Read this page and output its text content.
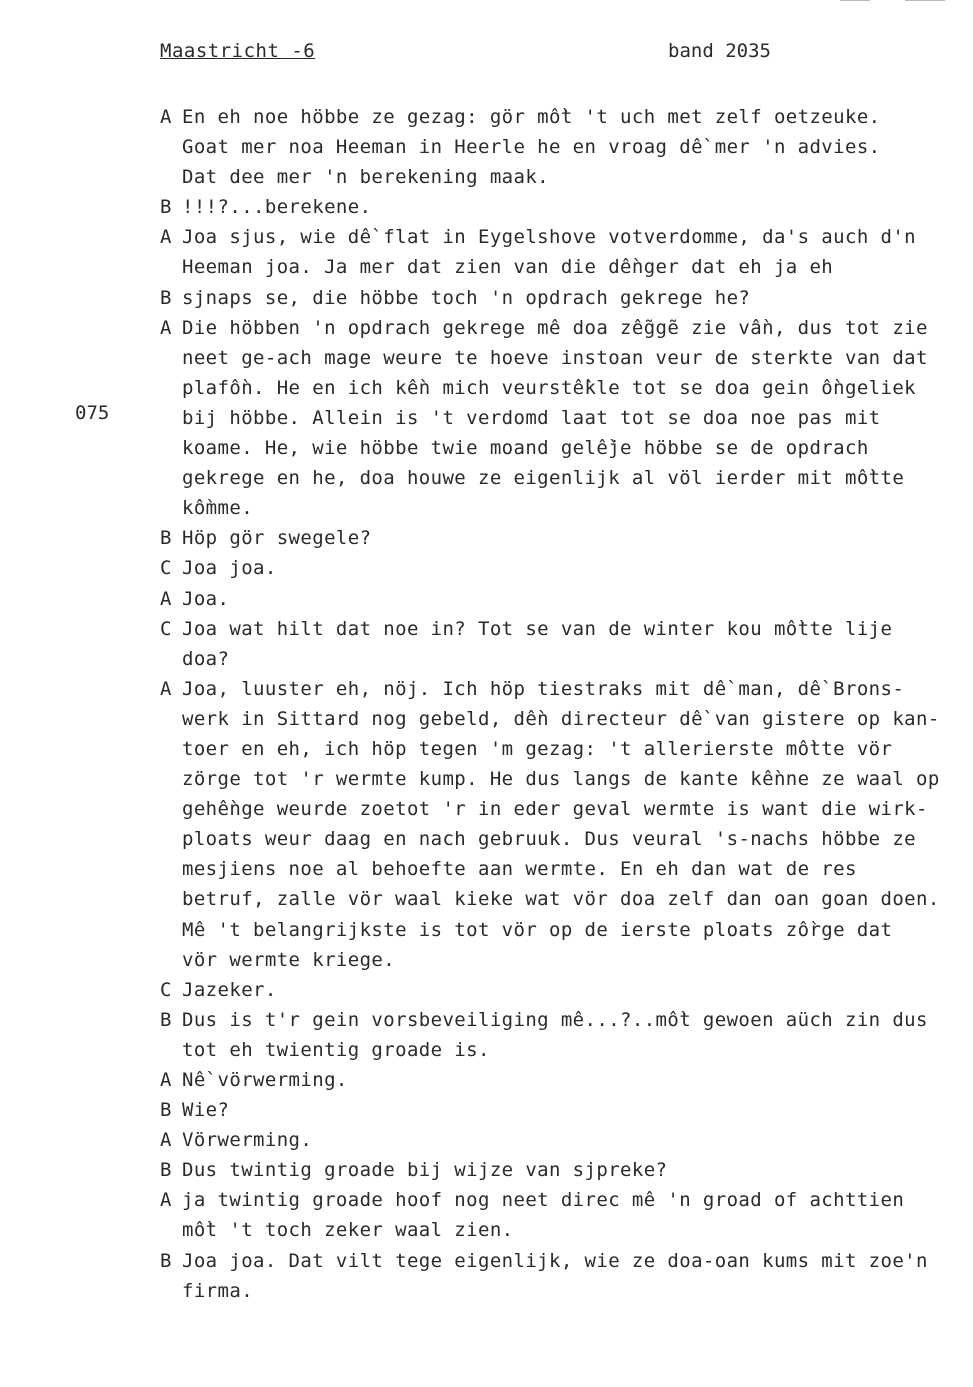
Maastricht -6	band 2035
075
A En eh noe höbbe ze gezag: gör mồt 't uch met zelf oetzeuke.
Goat mer noa Heeman in Heerle he en vroag dề mer 'n advies.
Dat dee mer 'n berekening maak.
B !!!?...berekene.
A Joa sjus, wie dề flat in Eygelshove votverdomme, da's auch d'n
Heeman joa. Ja mer dat zien van die dềnger dat eh ja eh
B sjnaps se, die höbbe toch 'n opdrach gekrege he?
A Die höbben 'n opdrach gekrege mê doa zễggẽ zie vần, dus tot zie
neet ge-ach mage weure te hoeve instoan veur de sterkte van dat
plafồn. He en ich kền mich veurstềkle tot se doa gein ồngeliek
bij höbbe. Allein is 't verdomd laat tot se doa noe pas mit
koame. He, wie höbbe twie moand gelềje höbbe se de opdrach
gekrege en he, doa houwe ze eigenlijk al völ ierder mit mồtte
kồmme.
B Höp gör swegele?
C Joa joa.
A Joa.
C Joa wat hilt dat noe in? Tot se van de winter kou mồtte lije
doa?
A Joa, luuster eh, nöj. Ich höp tiestraks mit dề man, dề Brons-
werk in Sittard nog gebeld, dền directeur dề van gistere op kan-
toer en eh, ich höp tegen 'm gezag: 't allerierste mồtte vör
zörge tot 'r wermte kump. He dus langs de kante kềnne ze waal op
gehềnge weurde zoetot 'r in eder geval wermte is want die wirk-
ploats weur daag en nach gebruuk. Dus veural 's-nachs höbbe ze
mesjiens noe al behoefte aan wermte. En eh dan wat de res
betruf, zalle vör waal kieke wat vör doa zelf dan oan goan doen.
Mê 't belangrijkste is tot vör op de ierste ploats zồrge dat
vör wermte kriege.
C Jazeker.
B Dus is t'r gein vorsbeveiliging mê...?..mồt gewoen aüch zin dus
tot eh twientig groade is.
A Nề vörwerming.
B Wie?
A Vörwerming.
B Dus twintig groade bij wijze van sjpreke?
A ja twintig groade hoof nog neet direc mê 'n groad of achttien
mồt 't toch zeker waal zien.
B Joa joa. Dat vilt tege eigenlijk, wie ze doa-oan kums mit zoe'n
firma.
